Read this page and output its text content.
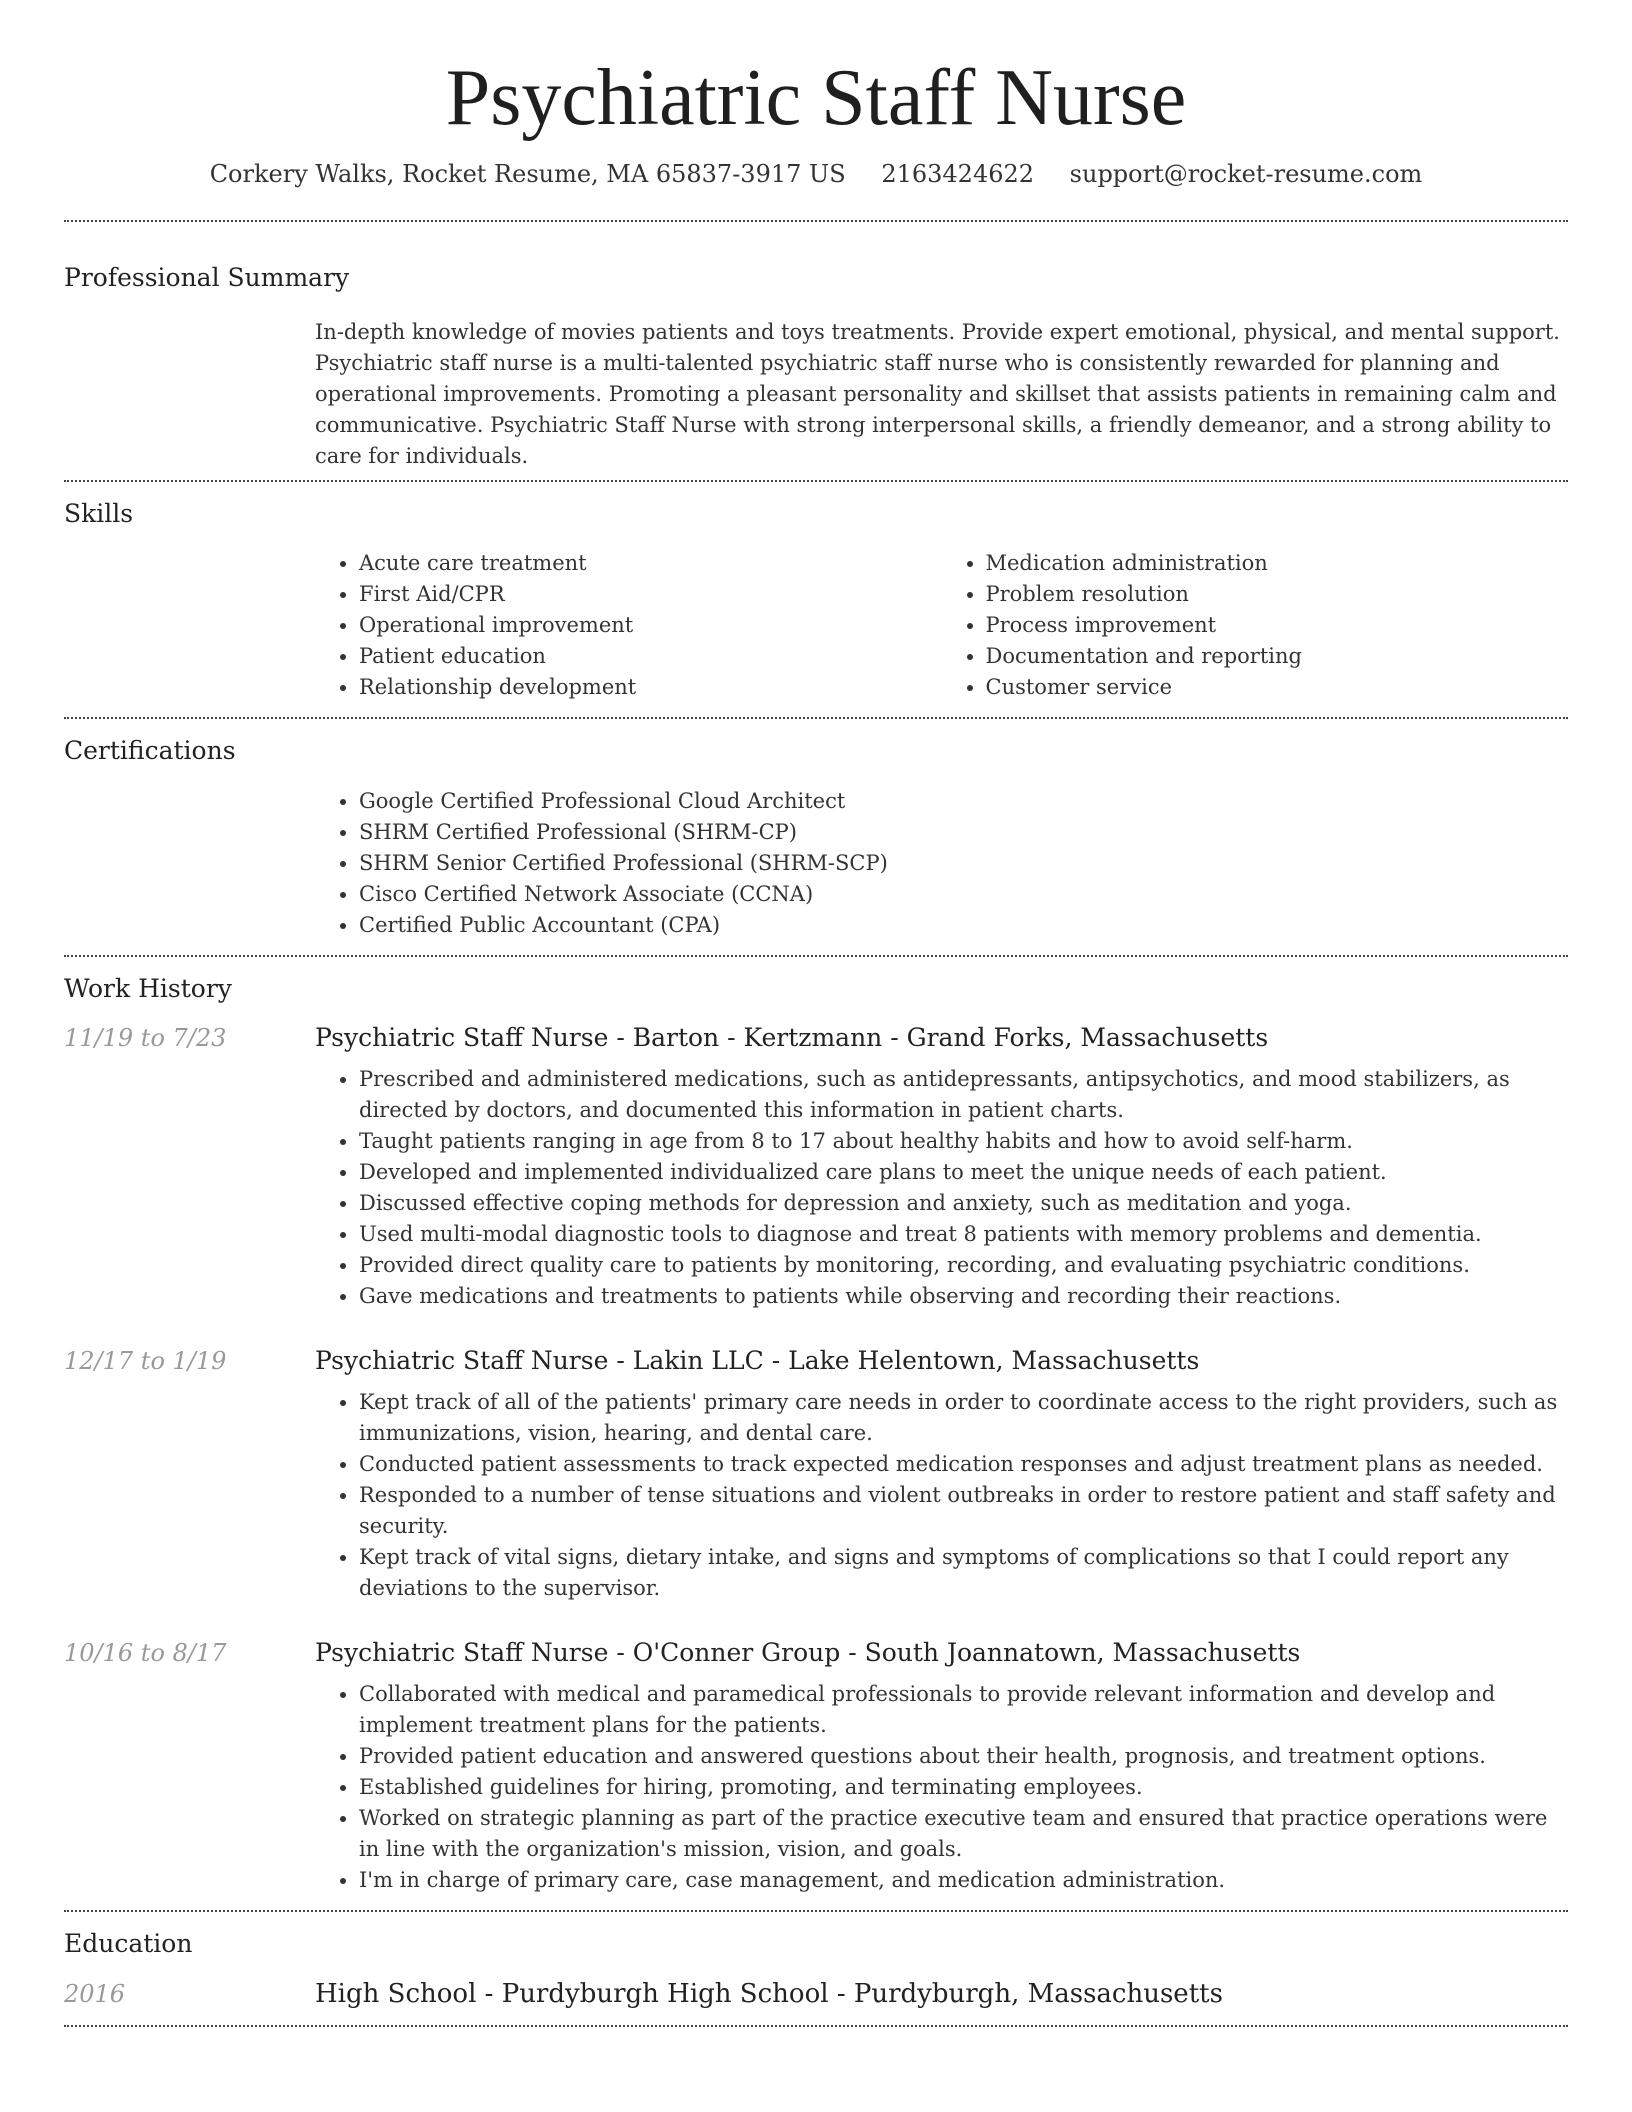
Psychiatric Staff Nurse
Corkery Walks, Rocket Resume, MA 65837-3917 US 2163424622 support@rocket-resume.com
Professional Summary
In-depth knowledge of movies patients and toys treatments. Provide expert emotional, physical, and mental support. Psychiatric staff nurse is a multi-talented psychiatric staff nurse who is consistently rewarded for planning and operational improvements. Promoting a pleasant personality and skillset that assists patients in remaining calm and communicative. Psychiatric Staff Nurse with strong interpersonal skills, a friendly demeanor, and a strong ability to care for individuals.
Skills
• Acute care treatment
• First Aid/CPR
• Operational improvement
• Patient education
• Relationship development
• Medication administration
• Problem resolution
• Process improvement
• Documentation and reporting
• Customer service
Certifications
• Google Certified Professional Cloud Architect
• SHRM Certified Professional (SHRM-CP)
• SHRM Senior Certified Professional (SHRM-SCP)
• Cisco Certified Network Associate (CCNA)
• Certified Public Accountant (CPA)
Work History
11/19 to 7/23	Psychiatric Staff Nurse - Barton - Kertzmann - Grand Forks, Massachusetts
• Prescribed and administered medications, such as antidepressants, antipsychotics, and mood stabilizers, as directed by doctors, and documented this information in patient charts.
• Taught patients ranging in age from 8 to 17 about healthy habits and how to avoid self-harm.
• Developed and implemented individualized care plans to meet the unique needs of each patient.
• Discussed effective coping methods for depression and anxiety, such as meditation and yoga.
• Used multi-modal diagnostic tools to diagnose and treat 8 patients with memory problems and dementia.
• Provided direct quality care to patients by monitoring, recording, and evaluating psychiatric conditions.
• Gave medications and treatments to patients while observing and recording their reactions.
12/17 to 1/19	Psychiatric Staff Nurse - Lakin LLC - Lake Helentown, Massachusetts
• Kept track of all of the patients' primary care needs in order to coordinate access to the right providers, such as immunizations, vision, hearing, and dental care.
• Conducted patient assessments to track expected medication responses and adjust treatment plans as needed.
• Responded to a number of tense situations and violent outbreaks in order to restore patient and staff safety and security.
• Kept track of vital signs, dietary intake, and signs and symptoms of complications so that I could report any deviations to the supervisor.
10/16 to 8/17	Psychiatric Staff Nurse - O'Conner Group - South Joannatown, Massachusetts
• Collaborated with medical and paramedical professionals to provide relevant information and develop and implement treatment plans for the patients.
• Provided patient education and answered questions about their health, prognosis, and treatment options.
• Established guidelines for hiring, promoting, and terminating employees.
• Worked on strategic planning as part of the practice executive team and ensured that practice operations were in line with the organization's mission, vision, and goals.
• I'm in charge of primary care, case management, and medication administration.
Education
2016	High School - Purdyburgh High School - Purdyburgh, Massachusetts
